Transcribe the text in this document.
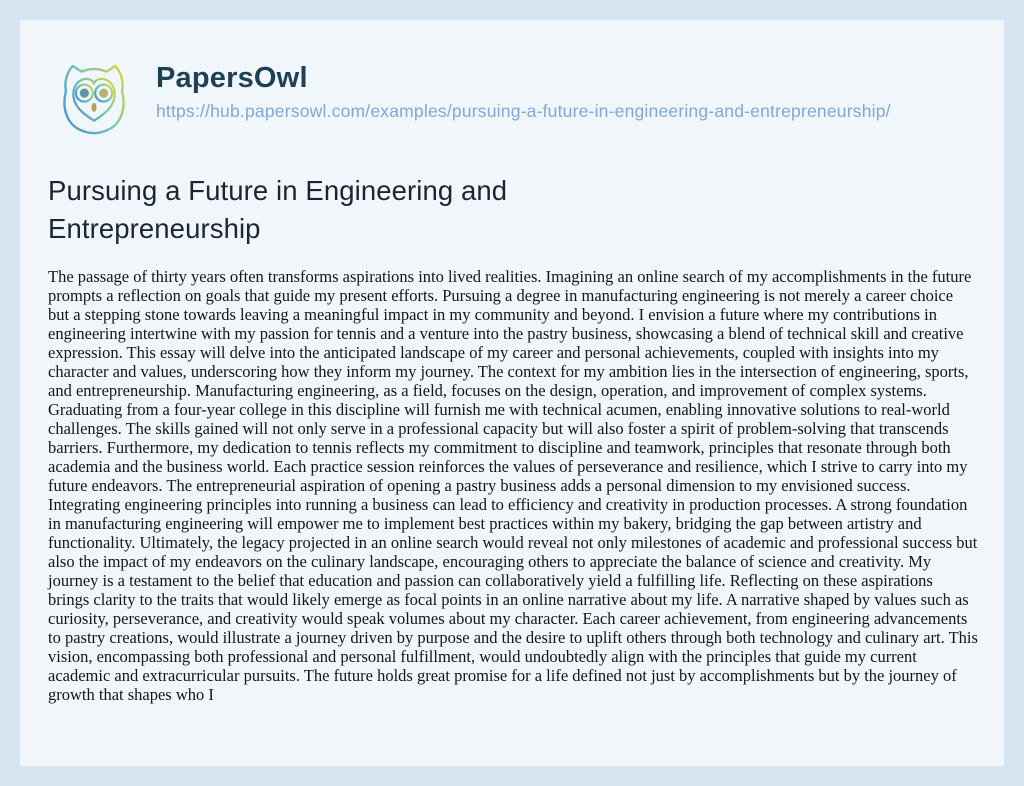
PapersOwl
https://hub.papersowl.com/examples/pursuing-a-future-in-engineering-and-entrepreneurship/
Pursuing a Future in Engineering and Entrepreneurship

The passage of thirty years often transforms aspirations into lived realities. Imagining an online search of my accomplishments in the future prompts a reflection on goals that guide my present efforts. Pursuing a degree in manufacturing engineering is not merely a career choice but a stepping stone towards leaving a meaningful impact in my community and beyond. I envision a future where my contributions in engineering intertwine with my passion for tennis and a venture into the pastry business, showcasing a blend of technical skill and creative expression. This essay will delve into the anticipated landscape of my career and personal achievements, coupled with insights into my character and values, underscoring how they inform my journey. The context for my ambition lies in the intersection of engineering, sports, and entrepreneurship. Manufacturing engineering, as a field, focuses on the design, operation, and improvement of complex systems. Graduating from a four-year college in this discipline will furnish me with technical acumen, enabling innovative solutions to real-world challenges. The skills gained will not only serve in a professional capacity but will also foster a spirit of problem-solving that transcends barriers. Furthermore, my dedication to tennis reflects my commitment to discipline and teamwork, principles that resonate through both academia and the business world. Each practice session reinforces the values of perseverance and resilience, which I strive to carry into my future endeavors. The entrepreneurial aspiration of opening a pastry business adds a personal dimension to my envisioned success. Integrating engineering principles into running a business can lead to efficiency and creativity in production processes. A strong foundation in manufacturing engineering will empower me to implement best practices within my bakery, bridging the gap between artistry and functionality. Ultimately, the legacy projected in an online search would reveal not only milestones of academic and professional success but also the impact of my endeavors on the culinary landscape, encouraging others to appreciate the balance of science and creativity. My journey is a testament to the belief that education and passion can collaboratively yield a fulfilling life. Reflecting on these aspirations brings clarity to the traits that would likely emerge as focal points in an online narrative about my life. A narrative shaped by values such as curiosity, perseverance, and creativity would speak volumes about my character. Each career achievement, from engineering advancements to pastry creations, would illustrate a journey driven by purpose and the desire to uplift others through both technology and culinary art. This vision, encompassing both professional and personal fulfillment, would undoubtedly align with the principles that guide my current academic and extracurricular pursuits. The future holds great promise for a life defined not just by accomplishments but by the journey of growth that shapes who I
